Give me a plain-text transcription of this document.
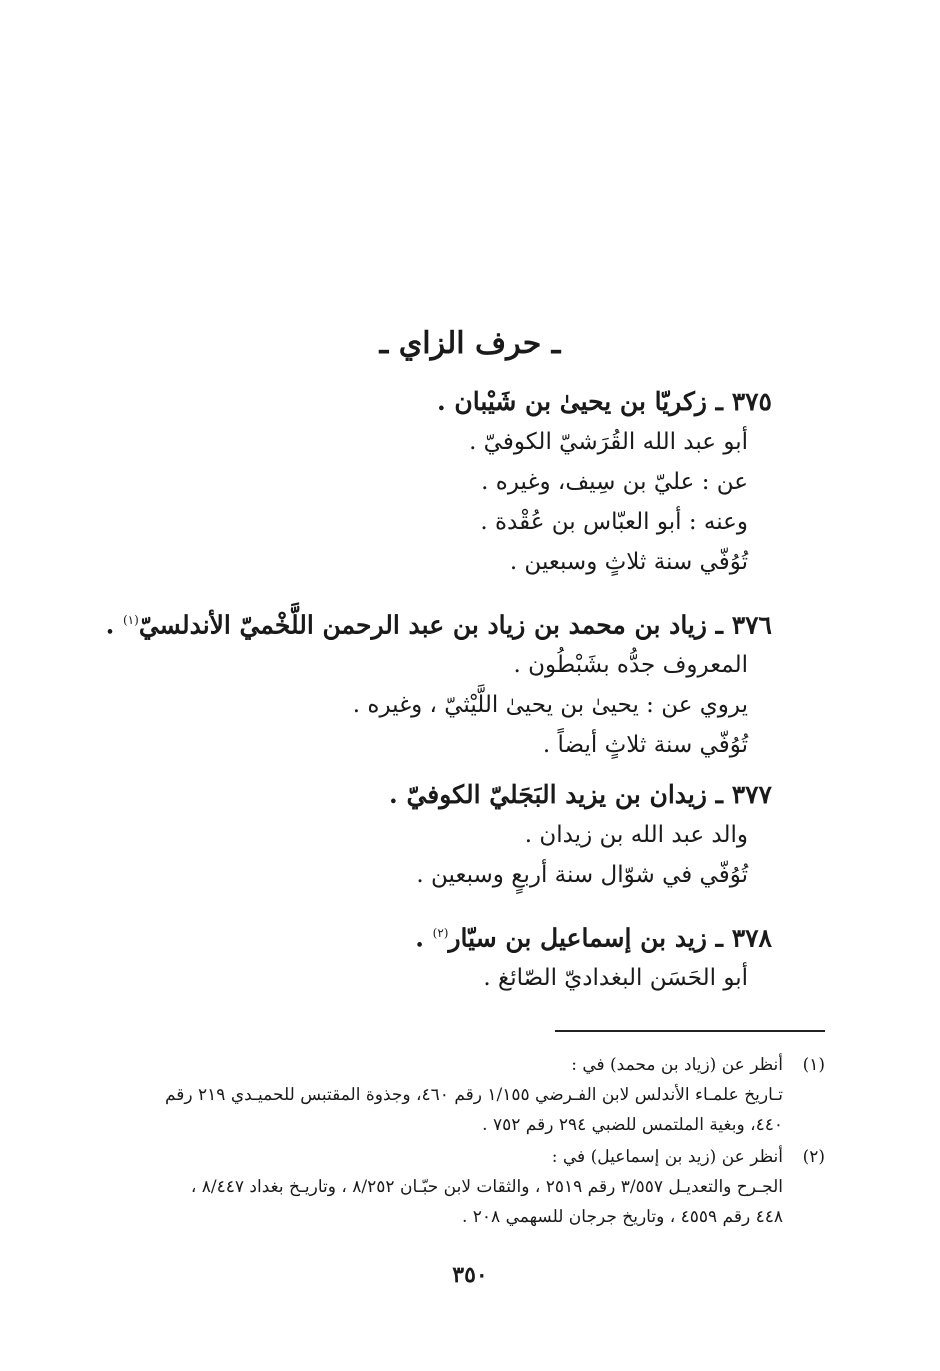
ـ حرف الزاي ـ
٣٧٥ ـ زكريّا بن يحيىٰ بن شَيْبان .
أبو عبد الله القُرَشيّ الكوفيّ .
عن : عليّ بن سِيف، وغيره .
وعنه : أبو العبّاس بن عُقْدة .
تُوُفّي سنة ثلاثٍ وسبعين .
٣٧٦ ـ زياد بن محمد بن زياد بن عبد الرحمن اللَّخْميّ الأندلسيّ$^{(١)}$ .
المعروف جدُّه بشَبْطُون .
يروي عن : يحيىٰ بن يحيىٰ اللَّيْثيّ ، وغيره .
تُوُفّي سنة ثلاثٍ أيضاً .
٣٧٧ ـ زيدان بن يزيد البَجَليّ الكوفيّ .
والد عبد الله بن زيدان .
تُوُفّي في شوّال سنة أربعٍ وسبعين .
٣٧٨ ـ زيد بن إسماعيل بن سيّار$^{(٢)}$ .
أبو الحَسَن البغداديّ الصّائغ .
(١)
أنظر عن (زياد بن محمد) في :
تـاريخ علمـاء الأندلس لابن الفـرضي ١/١٥٥ رقم ٤٦٠، وجذوة المقتبس للحميـدي ٢١٩ رقم
٤٤٠، وبغية الملتمس للضبي ٢٩٤ رقم ٧٥٢ .
(٢)
أنظر عن (زيد بن إسماعيل) في :
الجـرح والتعديـل ٣/٥٥٧ رقم ٢٥١٩ ، والثقات لابن حبّـان ٨/٢٥٢ ، وتاريـخ بغداد ٨/٤٤٧ ،
٤٤٨ رقم ٤٥٥٩ ، وتاريخ جرجان للسهمي ٢٠٨ .
٣٥٠
